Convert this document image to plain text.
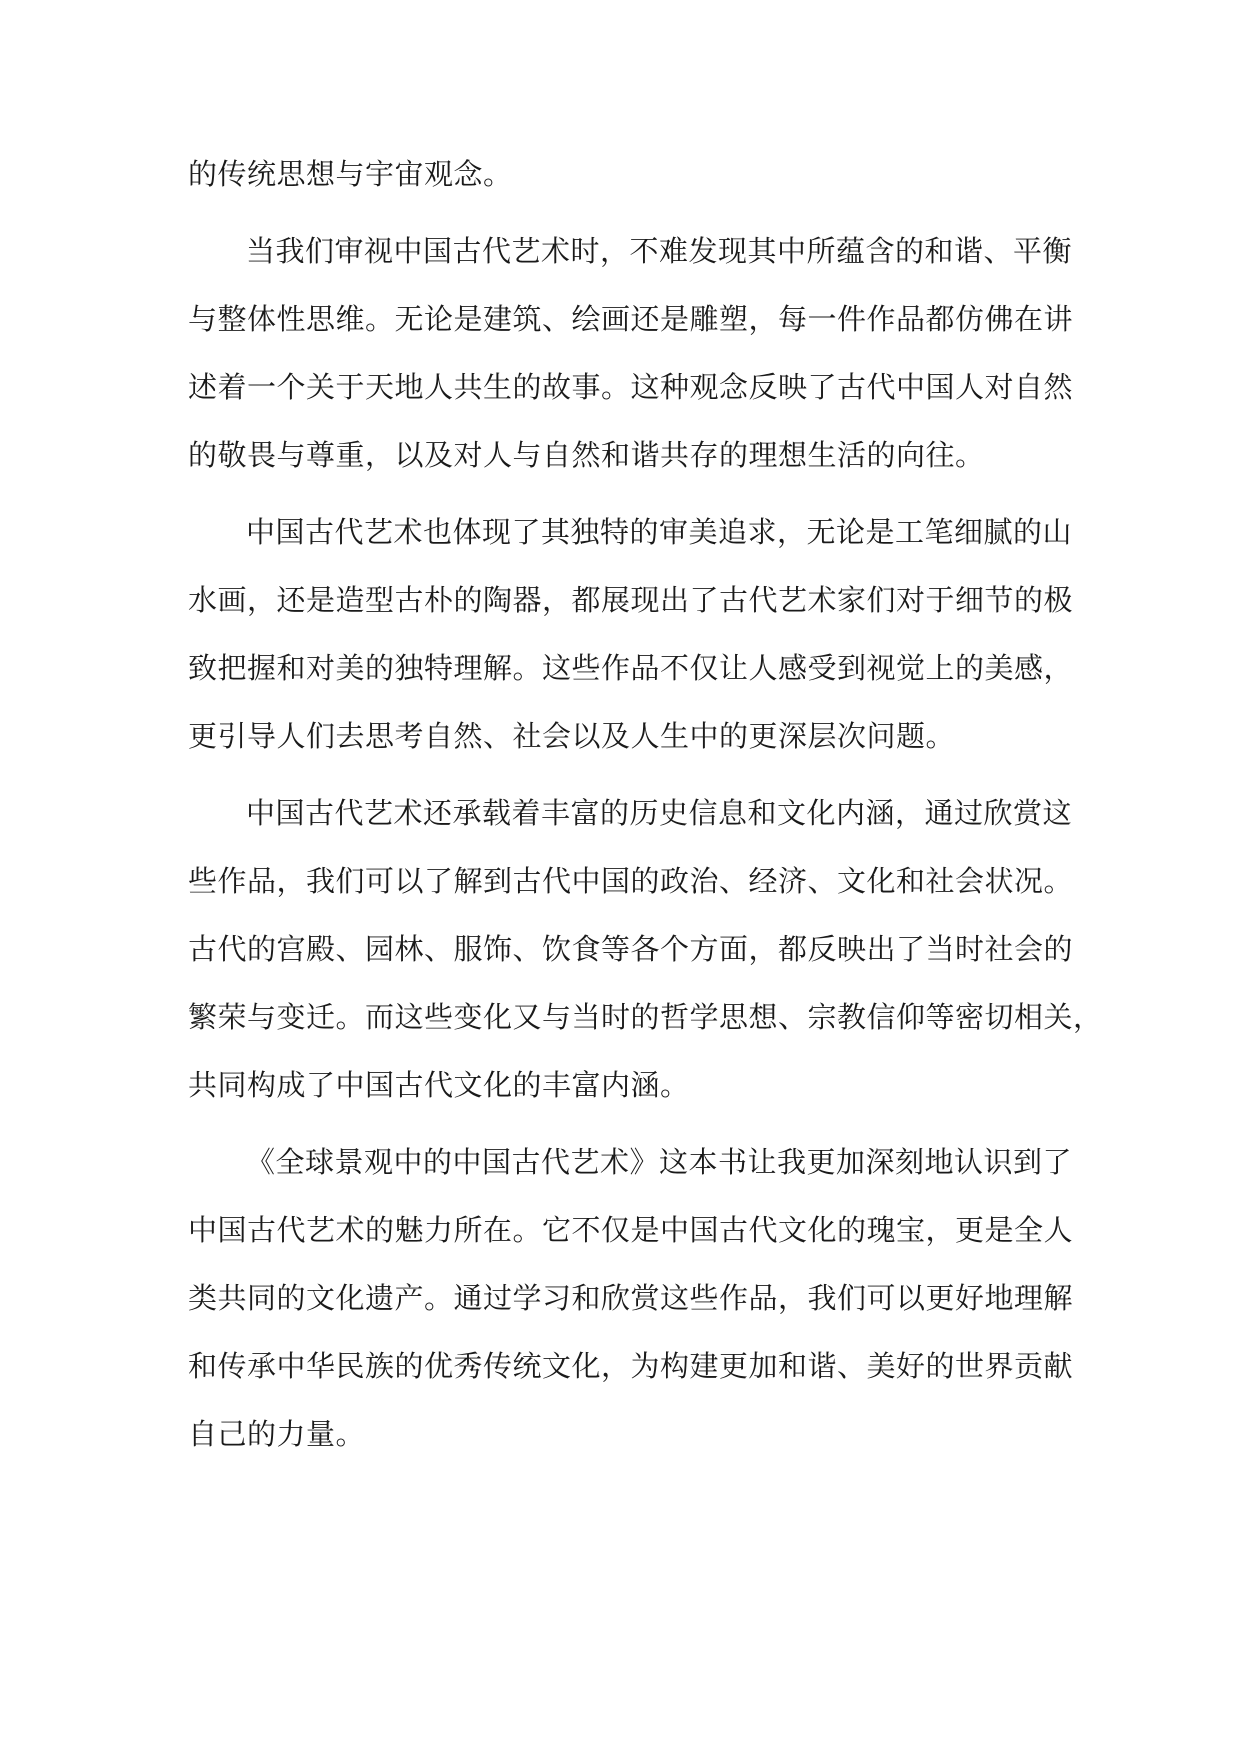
的传统思想与宇宙观念。
当我们审视中国古代艺术时，不难发现其中所蕴含的和谐、平衡
与整体性思维。无论是建筑、绘画还是雕塑，每一件作品都仿佛在讲
述着一个关于天地人共生的故事。这种观念反映了古代中国人对自然
的敬畏与尊重，以及对人与自然和谐共存的理想生活的向往。
中国古代艺术也体现了其独特的审美追求，无论是工笔细腻的山
水画，还是造型古朴的陶器，都展现出了古代艺术家们对于细节的极
致把握和对美的独特理解。这些作品不仅让人感受到视觉上的美感，
更引导人们去思考自然、社会以及人生中的更深层次问题。
中国古代艺术还承载着丰富的历史信息和文化内涵，通过欣赏这
些作品，我们可以了解到古代中国的政治、经济、文化和社会状况。
古代的宫殿、园林、服饰、饮食等各个方面，都反映出了当时社会的
繁荣与变迁。而这些变化又与当时的哲学思想、宗教信仰等密切相关，
共同构成了中国古代文化的丰富内涵。
《全球景观中的中国古代艺术》这本书让我更加深刻地认识到了
中国古代艺术的魅力所在。它不仅是中国古代文化的瑰宝，更是全人
类共同的文化遗产。通过学习和欣赏这些作品，我们可以更好地理解
和传承中华民族的优秀传统文化，为构建更加和谐、美好的世界贡献
自己的力量。
